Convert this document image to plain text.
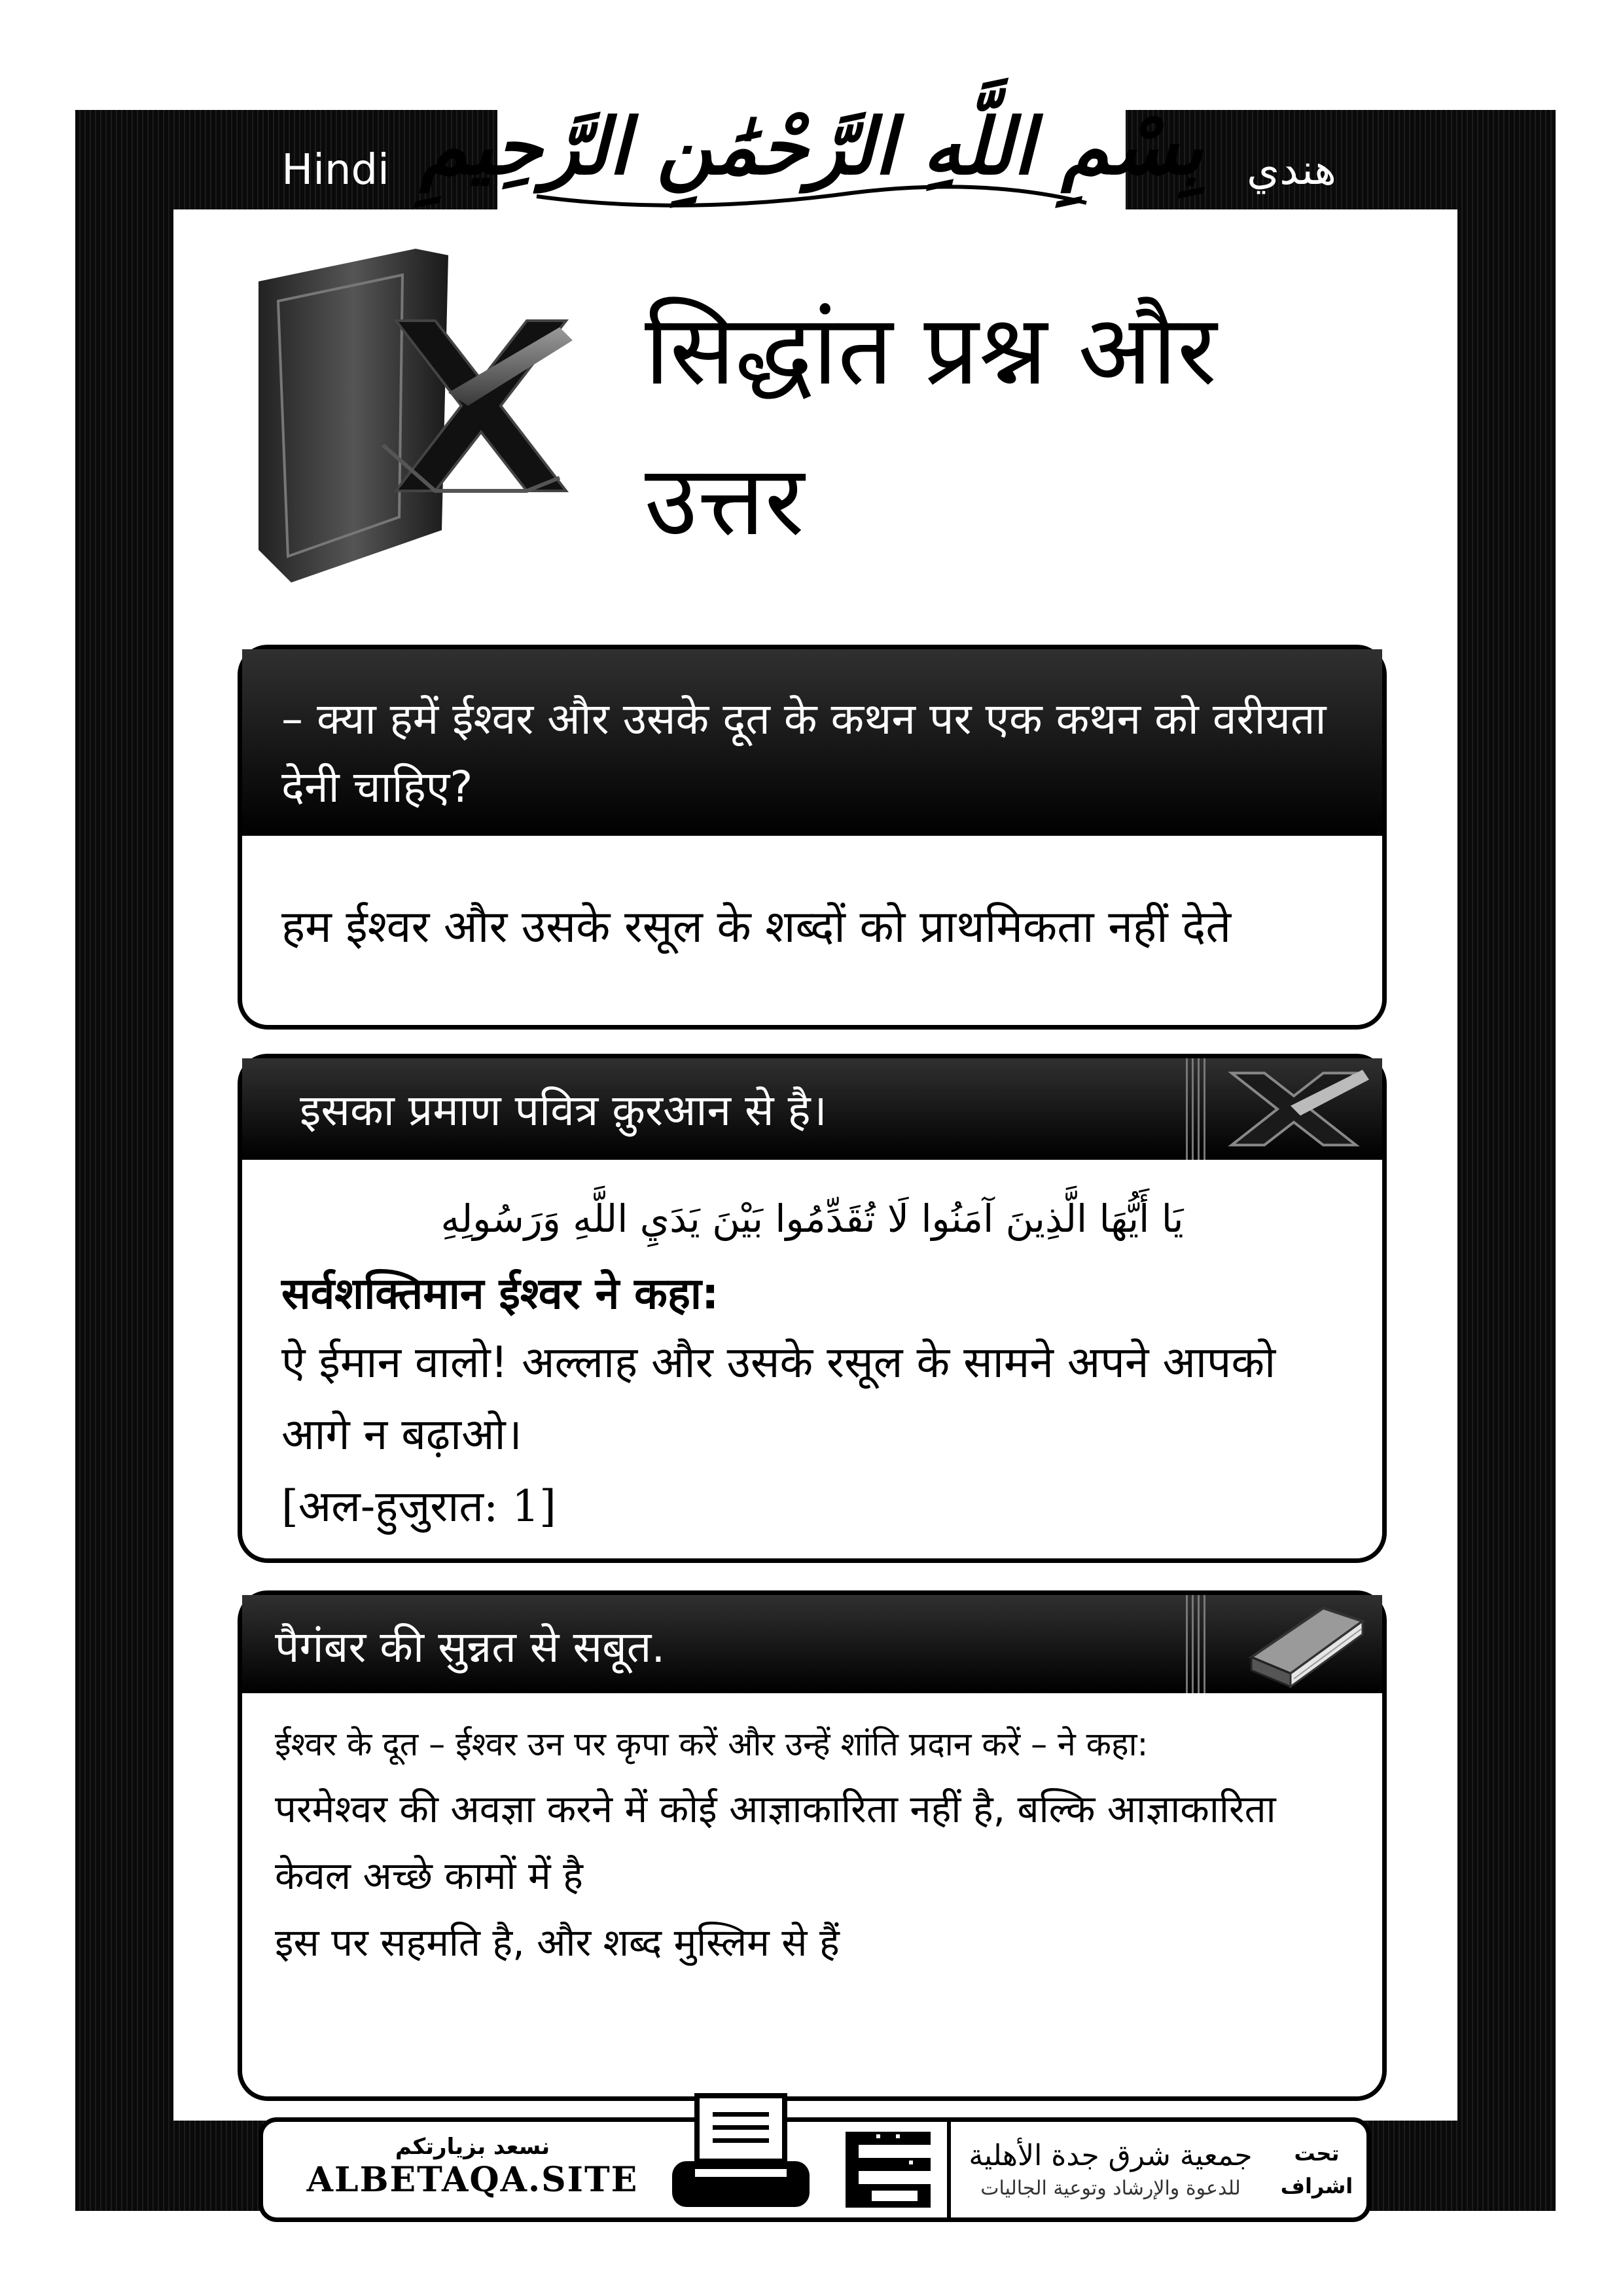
Hindi	هندي
بِسْمِ اللَّهِ الرَّحْمَٰنِ الرَّحِيمِ
सिद्धांत प्रश्न और
उत्तर
– क्या हमें ईश्वर और उसके दूत के कथन पर एक कथन को वरीयता देनी चाहिए?
हम ईश्वर और उसके रसूल के शब्दों को प्राथमिकता नहीं देते
इसका प्रमाण पवित्र क़ुरआन से है।
يَا أَيُّهَا الَّذِينَ آمَنُوا لَا تُقَدِّمُوا بَيْنَ يَدَيِ اللَّهِ وَرَسُولِهِ
सर्वशक्तिमान ईश्वर ने कहा:
ऐ ईमान वालो! अल्लाह और उसके रसूल के सामने अपने आपको आगे न बढ़ाओ।
[अल-हुजुरात: 1]
पैगंबर की सुन्नत से सबूत.
ईश्वर के दूत – ईश्वर उन पर कृपा करें और उन्हें शांति प्रदान करें – ने कहा:
परमेश्वर की अवज्ञा करने में कोई आज्ञाकारिता नहीं है, बल्कि आज्ञाकारिता केवल अच्छे कामों में है
इस पर सहमति है, और शब्द मुस्लिम से हैं
نسعد بزيارتكم
ALBETAQA.SITE
جمعية شرق جدة الأهلية
للدعوة والإرشاد وتوعية الجاليات
تحت
اشراف
